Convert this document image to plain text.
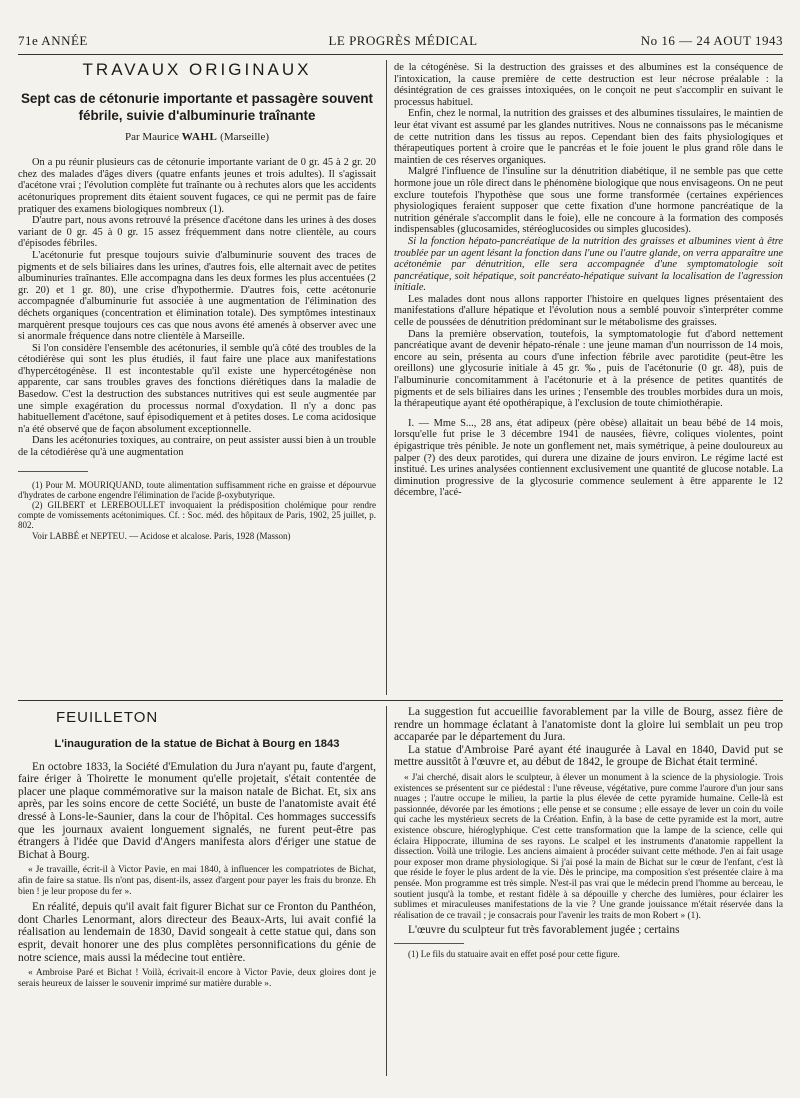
71e ANNÉE	LE PROGRÈS MÉDICAL	No 16 — 24 AOUT 1943
TRAVAUX ORIGINAUX
Sept cas de cétonurie importante et passagère souvent fébrile, suivie d'albuminurie traînante
Par Maurice WAHL (Marseille)

On a pu réunir plusieurs cas de cétonurie importante variant de 0 gr. 45 à 2 gr. 20 chez des malades d'âges divers (quatre enfants jeunes et trois adultes). Il s'agissait d'acétone vrai ; l'évolution complète fut traînante ou à rechutes alors que les accidents acétonuriques proprement dits étaient souvent fugaces, ce qui ne permit pas de faire pratiquer des examens biologiques nombreux (1).

D'autre part, nous avons retrouvé la présence d'acétone dans les urines à des doses variant de 0 gr. 45 à 0 gr. 15 assez fréquemment dans notre clientèle, au cours d'épisodes fébriles.

L'acétonurie fut presque toujours suivie d'albuminurie souvent des traces de pigments et de sels biliaires dans les urines, d'autres fois, elle alternait avec de petites albuminuries traînantes. Elle accompagna dans les deux formes les plus accentuées (2 gr. 20) et 1 gr. 80), une crise d'hypothermie. D'autres fois, cette acétonurie accompagnée d'albuminurie fut associée à une augmentation de l'élimination des déchets organiques (concentration et élimination totale). Des symptômes intestinaux marquèrent presque toujours ces cas que nous avons été amenés à observer avec une si anormale fréquence dans notre clientèle à Marseille.

Si l'on considère l'ensemble des acétonuries, il semble qu'à côté des troubles de la cétodiérèse qui sont les plus étudiés, il faut faire une place aux manifestations d'hypercétogénèse. Il est incontestable qu'il existe une hypercétogénèse non apparente, car sans troubles graves des fonctions diérétiques dans la maladie de Basedow. C'est la destruction des substances nutritives qui est seule augmentée par une simple exagération du processus normal d'oxydation. Il n'y a donc pas habituellement d'acétone, sauf épisodiquement et à petites doses. Le coma acidosique n'a été observé que de façon absolument exceptionnelle.

Dans les acétonuries toxiques, au contraire, on peut assister aussi bien à un trouble de la cétodiérèse qu'à une augmentation

(1) Pour M. MOURIQUAND, toute alimentation suffisamment riche en graisse et dépourvue d'hydrates de carbone engendre l'élimination de l'acide β-oxybutyrique.

(2) GILBERT et LEREBOULLET invoquaient la prédisposition cholémique pour rendre compte de vomissements acétonimiques. Cf. : Soc. méd. des hôpitaux de Paris, 1902, 25 juillet, p. 802.

Voir LABBÉ et NEPTEU. — Acidose et alcalose. Paris, 1928 (Masson)

de la cétogénèse. Si la destruction des graisses et des albumines est la conséquence de l'intoxication, la cause première de cette destruction est leur nécrose préalable : la désintégration de ces graisses intoxiquées, on le conçoit ne peut s'accomplir en suivant le processus habituel.

Enfin, chez le normal, la nutrition des graisses et des albumines tissulaires, le maintien de leur état vivant est assumé par les glandes nutritives. Nous ne connaissons pas le mécanisme de cette nutrition dans les tissus au repos. Cependant bien des faits physiologiques et thérapeutiques portent à croire que le pancréas et le foie jouent le plus grand rôle dans le maintien de ces réserves organiques.

Malgré l'influence de l'insuline sur la dénutrition diabétique, il ne semble pas que cette hormone joue un rôle direct dans le phénomène biologique que nous envisageons. On ne peut exclure toutefois l'hypothèse que sous une forme transformée (certaines expériences physiologiques feraient supposer que cette fixation d'une hormone pancréatique de la nutrition générale s'accomplit dans le foie), elle ne concoure à la formation des composés indispensables (glucosamides, stéréoglucosides ou simples glucosides).

Si la fonction hépato-pancréatique de la nutrition des graisses et albumines vient à être troublée par un agent lésant la fonction dans l'une ou l'autre glande, on verra apparaître une acétonémie par dénutrition, elle sera accompagnée d'une symptomatologie soit pancréatique, soit hépatique, soit pancréato-hépatique suivant la localisation de l'agression initiale.

Les malades dont nous allons rapporter l'histoire en quelques lignes présentaient des manifestations d'allure hépatique et l'évolution nous a semblé pouvoir s'interpréter comme celle de poussées de dénutrition prédominant sur le métabolisme des graisses.

Dans la première observation, toutefois, la symptomatologie fut d'abord nettement pancréatique avant de devenir hépato-rénale : une jeune maman d'un nourrisson de 14 mois, encore au sein, présenta au cours d'une infection fébrile avec parotidite (peut-être les oreillons) une glycosurie initiale à 45 gr. ‰, puis de l'acétonurie (0 gr. 48), puis de l'albuminurie concomitamment à l'acétonurie et à la présence de petites quantités de pigments et de sels biliaires dans les urines ; l'ensemble des troubles morbides dura un mois, la thérapeutique ayant été opothérapique, à l'exclusion de toute chimiothérapie.

I. — Mme S..., 28 ans, état adipeux (père obèse) allaitait un beau bébé de 14 mois, lorsqu'elle fut prise le 3 décembre 1941 de nausées, fièvre, coliques violentes, point épigastrique très pénible. Je note un gonflement net, mais symétrique, à peine douloureux au palper (?) des deux parotides, qui durera une dizaine de jours environ. Le régime lacté est institué. Les urines analysées contiennent exclusivement une quantité de glucose notable. La diminution progressive de la glycosurie commence seulement à être apparente le 12 décembre, l'acé-

FEUILLETON
L'inauguration de la statue de Bichat à Bourg en 1843

En octobre 1833, la Société d'Emulation du Jura n'ayant pu, faute d'argent, faire ériger à Thoirette le monument qu'elle projetait, s'était contentée de placer une plaque commémorative sur la maison natale de Bichat. Et, six ans après, par les soins encore de cette Société, un buste de l'anatomiste avait été dressé à Lons-le-Saunier, dans la cour de l'hôpital. Ces hommages successifs que les journaux avaient longuement signalés, ne furent peut-être pas étrangers à l'idée que David d'Angers manifesta alors d'ériger une statue de Bichat à Bourg.

« Je travaille, écrit-il à Victor Pavie, en mai 1840, à influencer les compatriotes de Bichat, afin de faire sa statue. Ils n'ont pas, disent-ils, assez d'argent pour payer les frais du bronze. Eh bien ! je leur propose du fer ».

En réalité, depuis qu'il avait fait figurer Bichat sur ce Fronton du Panthéon, dont Charles Lenormant, alors directeur des Beaux-Arts, lui avait confié la réalisation au lendemain de 1830, David songeait à cette statue qui, dans son esprit, devait honorer une des plus complètes personnifications du génie de notre science, mais aussi la médecine tout entière.

« Ambroise Paré et Bichat ! Voilà, écrivait-il encore à Victor Pavie, deux gloires dont je serais heureux de laisser le souvenir imprimé sur matière durable ».

La suggestion fut accueillie favorablement par la ville de Bourg, assez fière de rendre un hommage éclatant à l'anatomiste dont la gloire lui semblait un peu trop accaparée par le département du Jura.

La statue d'Ambroise Paré ayant été inaugurée à Laval en 1840, David put se mettre aussitôt à l'œuvre et, au début de 1842, le groupe de Bichat était terminé.

« J'ai cherché, disait alors le sculpteur, à élever un monument à la science de la physiologie. Trois existences se présentent sur ce piédestal : l'une rêveuse, végétative, pure comme l'aurore d'un jour sans nuages ; l'autre occupe le milieu, la partie la plus élevée de cette pyramide humaine. Celle-là est passionnée, dévorée par les émotions ; elle pense et se consume ; elle essaye de lever un coin du voile qui cache les mystérieux secrets de la Création. Enfin, à la base de cette pyramide est la mort, autre existence obscure, hiéroglyphique. C'est cette transformation que la lampe de la science, celle qui éclaira Hippocrate, illumina de ses rayons. Le scalpel et les instruments d'anatomie rappellent la dissection. Voilà une trilogie. Les anciens aimaient à procéder suivant cette méthode. J'en ai fait usage pour exposer mon drame physiologique. Si j'ai posé la main de Bichat sur le cœur de l'enfant, c'est là que réside le foyer le plus ardent de la vie. Dès le principe, ma composition s'est présentée claire à ma pensée. Mon programme est très simple. N'est-il pas vrai que le médecin prend l'homme au berceau, le soutient jusqu'à la tombe, et restant fidèle à sa dépouille y cherche des lumières, pour éclairer les sublimes et miraculeuses manifestations de la vie ? Une grande jouissance m'était réservée dans la réalisation de ce travail ; je consacrais pour l'avenir les traits de mon Robert » (1).

L'œuvre du sculpteur fut très favorablement jugée ; certains

(1) Le fils du statuaire avait en effet posé pour cette figure.
